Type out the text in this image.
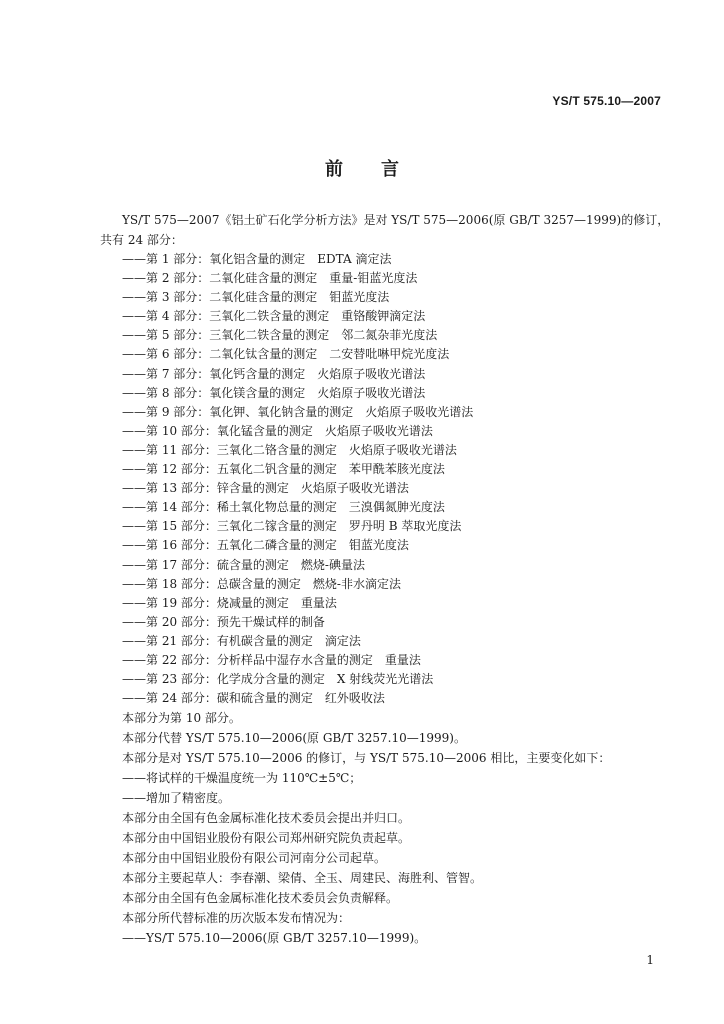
YS/T 575.10—2007
前言
YS/T 575—2007《铝土矿石化学分析方法》是对 YS/T 575—2006(原 GB/T 3257—1999)的修订，
共有 24 部分：
——第 1 部分：氧化铝含量的测定　EDTA 滴定法
——第 2 部分：二氧化硅含量的测定　重量-钼蓝光度法
——第 3 部分：二氧化硅含量的测定　钼蓝光度法
——第 4 部分：三氧化二铁含量的测定　重铬酸钾滴定法
——第 5 部分：三氧化二铁含量的测定　邻二氮杂菲光度法
——第 6 部分：二氧化钛含量的测定　二安替吡啉甲烷光度法
——第 7 部分：氧化钙含量的测定　火焰原子吸收光谱法
——第 8 部分：氧化镁含量的测定　火焰原子吸收光谱法
——第 9 部分：氧化钾、氧化钠含量的测定　火焰原子吸收光谱法
——第 10 部分：氧化锰含量的测定　火焰原子吸收光谱法
——第 11 部分：三氧化二铬含量的测定　火焰原子吸收光谱法
——第 12 部分：五氧化二钒含量的测定　苯甲酰苯胲光度法
——第 13 部分：锌含量的测定　火焰原子吸收光谱法
——第 14 部分：稀土氧化物总量的测定　三溴偶氮胂光度法
——第 15 部分：三氧化二镓含量的测定　罗丹明 B 萃取光度法
——第 16 部分：五氧化二磷含量的测定　钼蓝光度法
——第 17 部分：硫含量的测定　燃烧-碘量法
——第 18 部分：总碳含量的测定　燃烧-非水滴定法
——第 19 部分：烧减量的测定　重量法
——第 20 部分：预先干燥试样的制备
——第 21 部分：有机碳含量的测定　滴定法
——第 22 部分：分析样品中湿存水含量的测定　重量法
——第 23 部分：化学成分含量的测定　X 射线荧光光谱法
——第 24 部分：碳和硫含量的测定　红外吸收法
本部分为第 10 部分。
本部分代替 YS/T 575.10—2006(原 GB/T 3257.10—1999)。
本部分是对 YS/T 575.10—2006 的修订，与 YS/T 575.10—2006 相比，主要变化如下：
——将试样的干燥温度统一为 110℃±5℃；
——增加了精密度。
本部分由全国有色金属标准化技术委员会提出并归口。
本部分由中国铝业股份有限公司郑州研究院负责起草。
本部分由中国铝业股份有限公司河南分公司起草。
本部分主要起草人：李春潮、梁倩、全玉、周建民、海胜利、管智。
本部分由全国有色金属标准化技术委员会负责解释。
本部分所代替标准的历次版本发布情况为：
——YS/T 575.10—2006(原 GB/T 3257.10—1999)。
1
